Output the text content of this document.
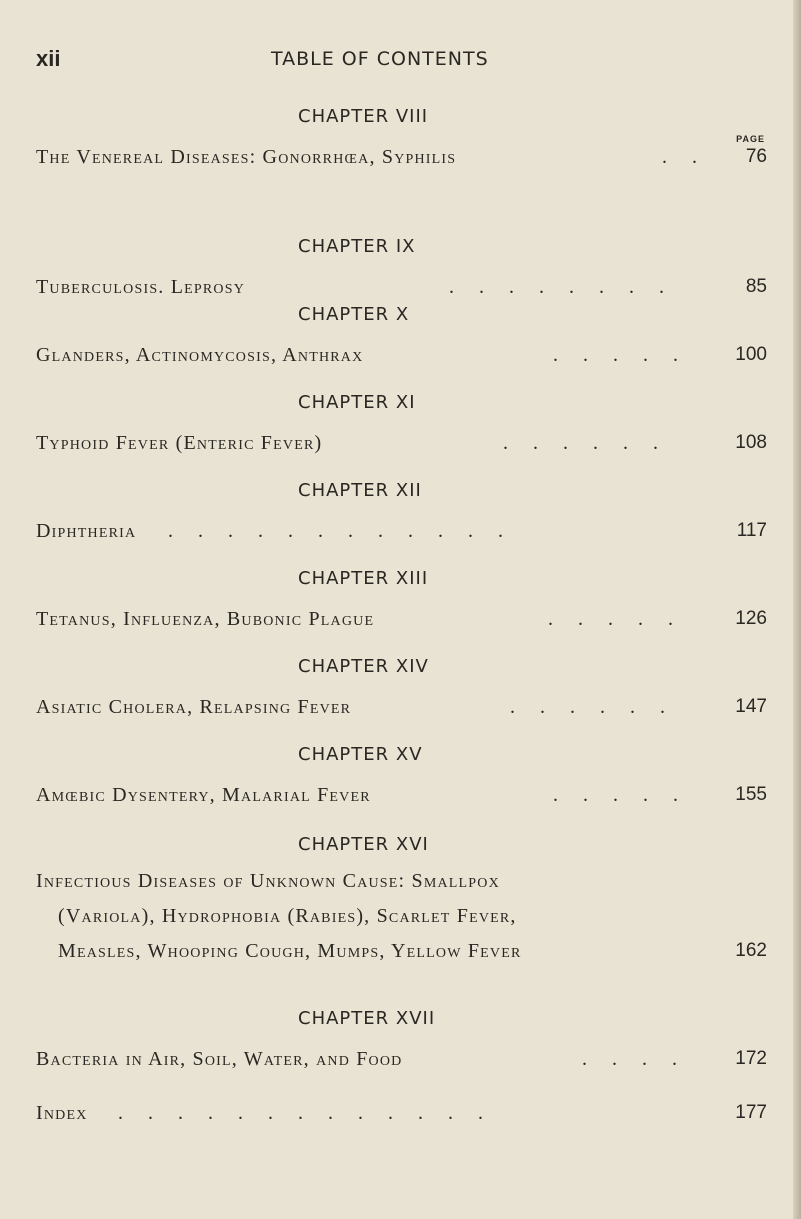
xii	TABLE OF CONTENTS
CHAPTER VIII
PAGE
The Venereal Diseases: Gonorrhœa, Syphilis	. . 76
CHAPTER IX
Tuberculosis. Leprosy	. . . . . . . .	85
CHAPTER X
Glanders, Actinomycosis, Anthrax	. . . . . 100
CHAPTER XI
Typhoid Fever (Enteric Fever)	. . . . . .	108
CHAPTER XII
Diphtheria . . . . . . . . . . . .	117
CHAPTER XIII
Tetanus, Influenza, Bubonic Plague	. . . . .	126
CHAPTER XIV
Asiatic Cholera, Relapsing Fever	. . . . . .	147
CHAPTER XV
Amœbic Dysentery, Malarial Fever	. . . . . 155
CHAPTER XVI
Infectious Diseases of Unknown Cause: Smallpox
(Variola), Hydrophobia (Rabies), Scarlet Fever,
Measles, Whooping Cough, Mumps, Yellow Fever	162
CHAPTER XVII
Bacteria in Air, Soil, Water, and Food	. . . .	172
Index . . . . . . . . . . . . .	177
